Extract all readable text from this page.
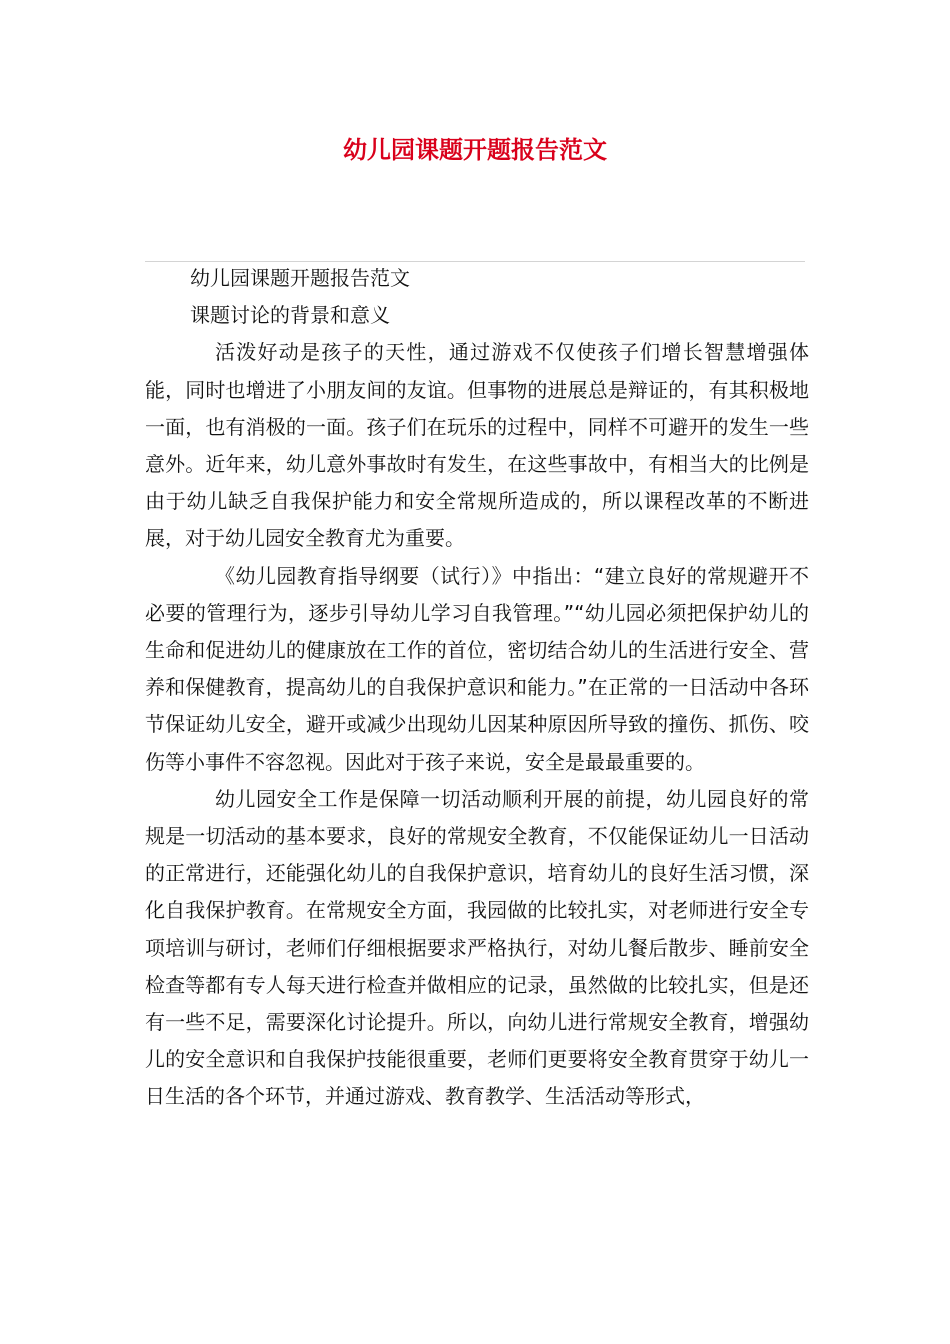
幼儿园课题开题报告范文

幼儿园课题开题报告范文

课题讨论的背景和意义

活泼好动是孩子的天性，通过游戏不仅使孩子们增长智慧增强体能，同时也增进了小朋友间的友谊。但事物的进展总是辩证的，有其积极地一面，也有消极的一面。孩子们在玩乐的过程中，同样不可避开的发生一些意外。近年来，幼儿意外事故时有发生，在这些事故中，有相当大的比例是由于幼儿缺乏自我保护能力和安全常规所造成的，所以课程改革的不断进展，对于幼儿园安全教育尤为重要。

《幼儿园教育指导纲要（试行）》中指出：“建立良好的常规避开不必要的管理行为，逐步引导幼儿学习自我管理。”“幼儿园必须把保护幼儿的生命和促进幼儿的健康放在工作的首位，密切结合幼儿的生活进行安全、营养和保健教育，提高幼儿的自我保护意识和能力。”在正常的一日活动中各环节保证幼儿安全，避开或减少出现幼儿因某种原因所导致的撞伤、抓伤、咬伤等小事件不容忽视。因此对于孩子来说，安全是最最重要的。

幼儿园安全工作是保障一切活动顺利开展的前提，幼儿园良好的常规是一切活动的基本要求，良好的常规安全教育，不仅能保证幼儿一日活动的正常进行，还能强化幼儿的自我保护意识，培育幼儿的良好生活习惯，深化自我保护教育。在常规安全方面，我园做的比较扎实，对老师进行安全专项培训与研讨，老师们仔细根据要求严格执行，对幼儿餐后散步、睡前安全检查等都有专人每天进行检查并做相应的记录，虽然做的比较扎实，但是还有一些不足，需要深化讨论提升。所以，向幼儿进行常规安全教育，增强幼儿的安全意识和自我保护技能很重要，老师们更要将安全教育贯穿于幼儿一日生活的各个环节，并通过游戏、教育教学、生活活动等形式，
